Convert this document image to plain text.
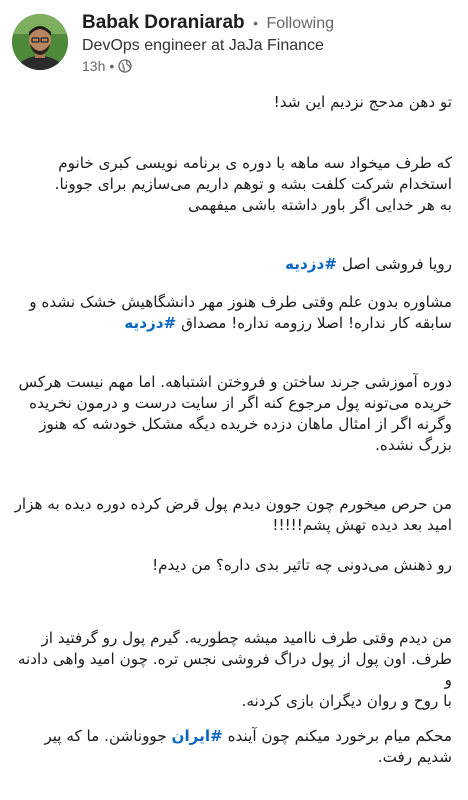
Babak Doraniarab • Following
DevOps engineer at JaJa Finance
13h •
تو دهن مدحج نزدیم این شد!
که طرف میخواد سه ماهه با دوره ی برنامه نویسی کبری خانوم
استخدام شرکت کلفت بشه و توهم داریم می‌سازیم برای جوونا.
به هر خدایی اگر باور داشته باشی میفهمی
رویا فروشی اصل #دزدیه
مشاوره بدون علم وقتی طرف هنوز مهر دانشگاهیش خشک نشده و
سابقه کار نداره! اصلا رزومه نداره! مصداق #دزدیه
دوره آموزشی جرند ساختن و فروختن اشتباهه. اما مهم نیست هرکس
خریده می‌تونه پول مرجوع کنه اگر از سایت درست و درمون نخریده
وگرنه اگر از امثال ماهان دزده خریده دیگه مشکل خودشه که هنوز
بزرگ نشده.
من حرص میخورم چون جوون دیدم پول قرض کرده دوره دیده به هزار
امید بعد دیده تهش پشم!!!!!
رو ذهنش می‌دونی چه تاثیر بدی داره؟ من دیدم!
من دیدم وقتی طرف ناامید میشه چطوریه. گیرم پول رو گرفتید از
طرف. اون پول از پول دراگ فروشی نجس تره. چون امید واهی دادنه و
با روح و روان دیگران بازی کردنه.
محکم میام برخورد میکنم چون آینده #ایران جووناشن. ما که پیر
شدیم رفت.
